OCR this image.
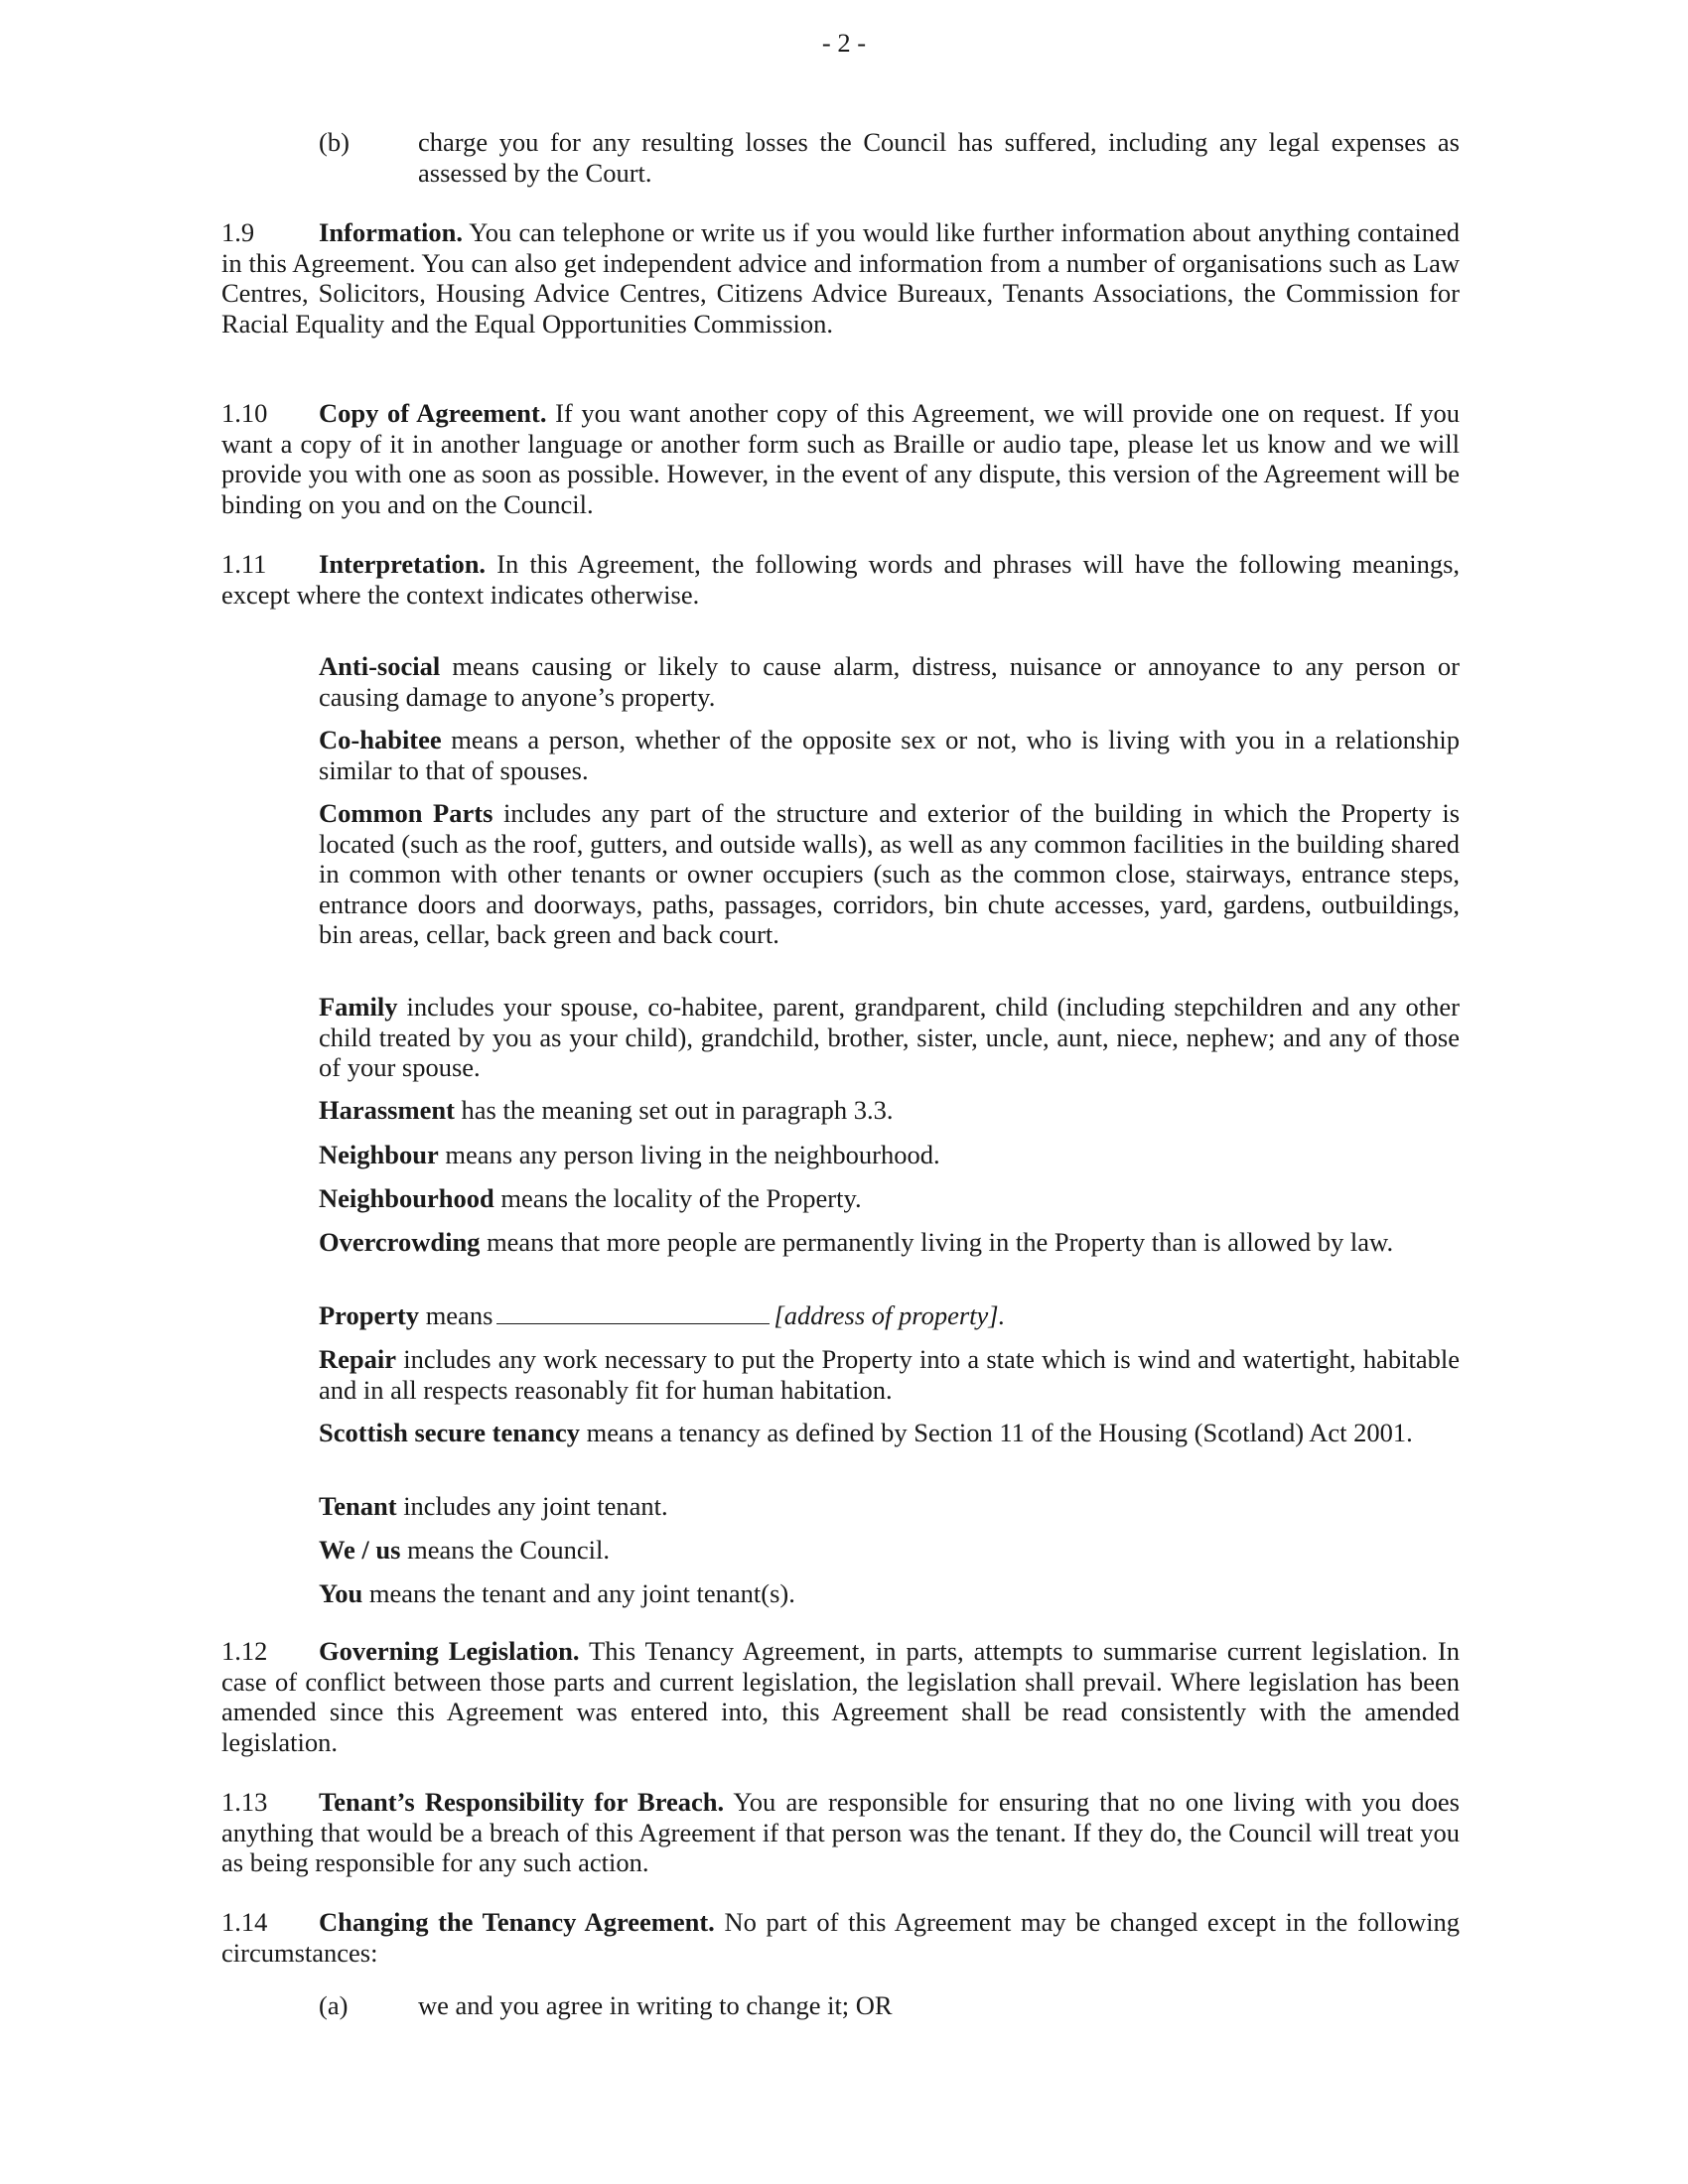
- 2 -
(b)	charge you for any resulting losses the Council has suffered, including any legal expenses as assessed by the Court.
1.9 Information. You can telephone or write us if you would like further information about anything contained in this Agreement. You can also get independent advice and information from a number of organisations such as Law Centres, Solicitors, Housing Advice Centres, Citizens Advice Bureaux, Tenants Associations, the Commission for Racial Equality and the Equal Opportunities Commission.
1.10 Copy of Agreement. If you want another copy of this Agreement, we will provide one on request. If you want a copy of it in another language or another form such as Braille or audio tape, please let us know and we will provide you with one as soon as possible. However, in the event of any dispute, this version of the Agreement will be binding on you and on the Council.
1.11 Interpretation. In this Agreement, the following words and phrases will have the following meanings, except where the context indicates otherwise.
Anti-social means causing or likely to cause alarm, distress, nuisance or annoyance to any person or causing damage to anyone’s property.
Co-habitee means a person, whether of the opposite sex or not, who is living with you in a relationship similar to that of spouses.
Common Parts includes any part of the structure and exterior of the building in which the Property is located (such as the roof, gutters, and outside walls), as well as any common facilities in the building shared in common with other tenants or owner occupiers (such as the common close, stairways, entrance steps, entrance doors and doorways, paths, passages, corridors, bin chute accesses, yard, gardens, outbuildings, bin areas, cellar, back green and back court.
Family includes your spouse, co-habitee, parent, grandparent, child (including stepchildren and any other child treated by you as your child), grandchild, brother, sister, uncle, aunt, niece, nephew; and any of those of your spouse.
Harassment has the meaning set out in paragraph 3.3.
Neighbour means any person living in the neighbourhood.
Neighbourhood means the locality of the Property.
Overcrowding means that more people are permanently living in the Property than is allowed by law.
Property means	[address of property].
Repair includes any work necessary to put the Property into a state which is wind and watertight, habitable and in all respects reasonably fit for human habitation.
Scottish secure tenancy means a tenancy as defined by Section 11 of the Housing (Scotland) Act 2001.
Tenant includes any joint tenant.
We / us means the Council.
You means the tenant and any joint tenant(s).
1.12 Governing Legislation. This Tenancy Agreement, in parts, attempts to summarise current legislation. In case of conflict between those parts and current legislation, the legislation shall prevail. Where legislation has been amended since this Agreement was entered into, this Agreement shall be read consistently with the amended legislation.
1.13 Tenant’s Responsibility for Breach. You are responsible for ensuring that no one living with you does anything that would be a breach of this Agreement if that person was the tenant. If they do, the Council will treat you as being responsible for any such action.
1.14 Changing the Tenancy Agreement. No part of this Agreement may be changed except in the following circumstances:
(a)	we and you agree in writing to change it; OR
